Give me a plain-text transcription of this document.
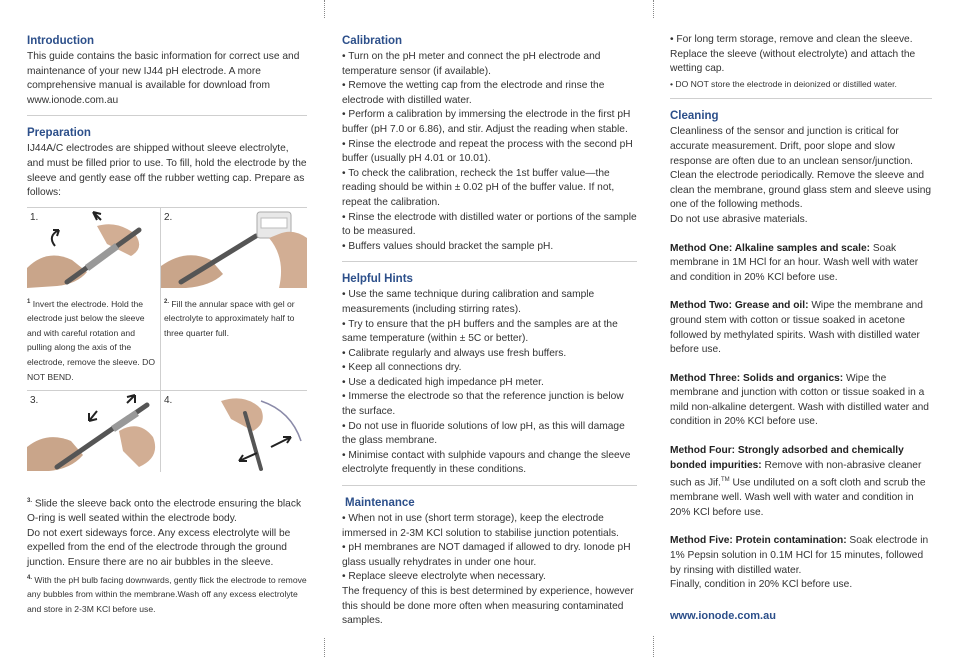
Introduction

This guide contains the basic information for correct use and maintenance of your new IJ44 pH electrode. A more comprehensive manual is available for download from www.ionode.com.au

Preparation

IJ44A/C electrodes are shipped without sleeve electrolyte, and must be filled prior to use. To fill, hold the electrode by the sleeve and gently ease off the rubber wetting cap. Prepare as follows:

1.	2.
$^1$ Invert the electrode. Hold the electrode just below the sleeve and with careful rotation and pulling along the axis of the electrode, remove the sleeve. DO NOT BEND.
$^{2.}$ Fill the annular space with gel or electrolyte to approximately half to three quarter full.
3.	4.

$^{3.}$ Slide the sleeve back onto the electrode ensuring the black O-ring is well seated within the electrode body.

Do not exert sideways force. Any excess electrolyte will be expelled from the end of the electrode through the ground junction. Ensure there are no air bubbles in the sleeve.

$^{4.}$ With the pH bulb facing downwards, gently flick the electrode to remove any bubbles from within the membrane.Wash off any excess electrolyte and store in 2-3M KCl before use.

Calibration

• Turn on the pH meter and connect the pH electrode and temperature sensor (if available).

• Remove the wetting cap from the electrode and rinse the electrode with distilled water.

• Perform a calibration by immersing the electrode in the first pH buffer (pH 7.0 or 6.86), and stir. Adjust the reading when stable.

• Rinse the electrode and repeat the process with the second pH buffer (usually pH 4.01 or 10.01).

• To check the calibration, recheck the 1st buffer value—the reading should be within ± 0.02 pH of the buffer value. If not, repeat the calibration.

• Rinse the electrode with distilled water or portions of the sample to be measured.

• Buffers values should bracket the sample pH.

Helpful Hints

• Use the same technique during calibration and sample measurements (including stirring rates).

• Try to ensure that the pH buffers and the samples are at the same temperature (within ± 5C or better).

• Calibrate regularly and always use fresh buffers.

• Keep all connections dry.

• Use a dedicated high impedance pH meter.

• Immerse the electrode so that the reference junction is below the surface.

• Do not use in fluoride solutions of low pH, as this will damage the glass membrane.

• Minimise contact with sulphide vapours and change the sleeve electrolyte frequently in these conditions.

Maintenance

• When not in use (short term storage), keep the electrode immersed in 2-3M KCl solution to stabilise junction potentials.

• pH membranes are NOT damaged if allowed to dry. Ionode pH glass usually rehydrates in under one hour.

• Replace sleeve electrolyte when necessary.

The frequency of this is best determined by experience, however this should be done more often when measuring contaminated samples.

• For long term storage, remove and clean the sleeve. Replace the sleeve (without electrolyte) and attach the wetting cap.

• DO NOT store the electrode in deionized or distilled water.

Cleaning

Cleanliness of the sensor and junction is critical for accurate measurement. Drift, poor slope and slow response are often due to an unclean sensor/junction. Clean the electrode periodically. Remove the sleeve and clean the membrane, ground glass stem and sleeve using one of the following methods.

Do not use abrasive materials.

Method One: Alkaline samples and scale: Soak membrane in 1M HCl for an hour. Wash well with water and condition in 20% KCl before use.

Method Two: Grease and oil: Wipe the membrane and ground stem with cotton or tissue soaked in acetone followed by methylated spirits. Wash with distilled water before use.

Method Three: Solids and organics: Wipe the membrane and junction with cotton or tissue soaked in a mild non-alkaline detergent. Wash with distilled water and condition in 20% KCl before use.

Method Four: Strongly adsorbed and chemically bonded impurities: Remove with non-abrasive cleaner such as Jif.™ Use undiluted on a soft cloth and scrub the membrane well. Wash well with water and condition in 20% KCl before use.

Method Five: Protein contamination: Soak electrode in 1% Pepsin solution in 0.1M HCl for 15 minutes, followed by rinsing with distilled water.

Finally, condition in 20% KCl before use.

www.ionode.com.au
